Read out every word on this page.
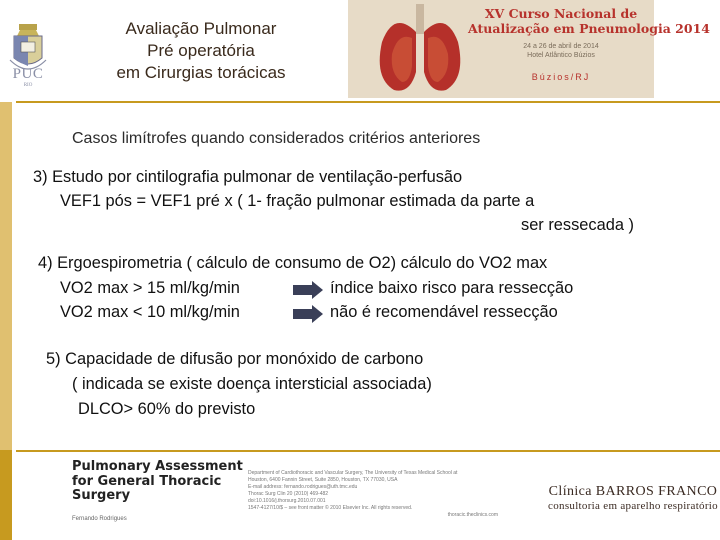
PUC
RIO
Avaliação Pulmonar
Pré operatória
em Cirurgias torácicas
XV Curso Nacional de
Atualização em Pneumologia 2014
24 a 26 de abril de 2014
Hotel Atlântico Búzios
Búzios/RJ
Casos limítrofes quando considerados critérios anteriores
3) Estudo por cintilografia pulmonar de ventilação-perfusão
VEF1 pós = VEF1 pré x ( 1- fração pulmonar estimada da parte a
ser ressecada )
4) Ergoespirometria ( cálculo de consumo de O2) cálculo do VO2 max
VO2 max > 15 ml/kg/min	índice baixo risco para ressecção
VO2 max < 10 ml/kg/min	não é recomendável ressecção
5) Capacidade de difusão por monóxido de carbono
( indicada se existe doença intersticial associada)
DLCO> 60% do previsto
Pulmonary Assessment
for General Thoracic
Surgery
Fernando Rodrigues
Department of Cardiothoracic and Vascular Surgery, The University of Texas Medical School at
Houston, 6400 Fannin Street, Suite 2850, Houston, TX 77030, USA
E-mail address: fernando.rodrigues@uth.tmc.edu
Thorac Surg Clin 20 (2010) 469-482
doi:10.1016/j.thorsurg.2010.07.001
1547-4127/10/$ – see front matter © 2010 Elsevier Inc. All rights reserved.
thoracic.theclinics.com
Clínica BARROS FRANCO
consultoria em aparelho respiratório
